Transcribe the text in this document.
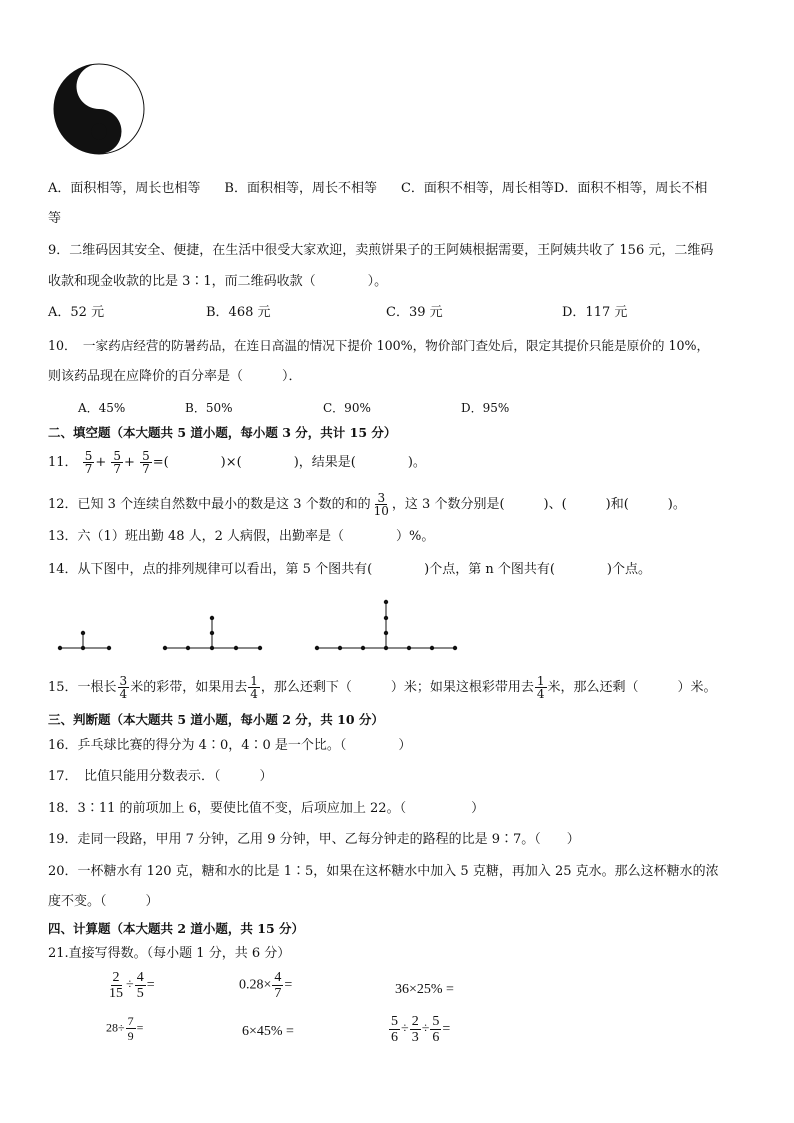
A．面积相等，周长也相等 B．面积相等，周长不相等 C．面积不相等，周长相等D．面积不相等，周长不相
等
9．二维码因其安全、便捷，在生活中很受大家欢迎，卖煎饼果子的王阿姨根据需要，王阿姨共收了 156 元，二维码
收款和现金收款的比是 3∶1，而二维码收款（　　　　）。
A．52 元	B．468 元	C．39 元	D．117 元
10．　一家药店经营的防暑药品，在连日高温的情况下提价 100%，物价部门查处后，限定其提价只能是原价的 10%，
则该药品现在应降价的百分率是（　　　）．
A．45%	B．50%	C．90%	D．95%
二、填空题（本大题共 5 道小题，每小题 3 分，共计 15 分）
11． $\frac{5}{7} + \frac{5}{7} + \frac{5}{7}$ =(　　　　)×(　　　　)，结果是(　　　　)。
12．已知 3 个连续自然数中最小的数是这 3 个数的和的 $\frac{3}{10}$ ，这 3 个数分别是(　　　)、(　　　)和(　　　)。
13．六（1）班出勤 48 人，2 人病假，出勤率是（　　　　）%。
14．从下图中，点的排列规律可以看出，第 5 个图共有(　　　　)个点，第 n 个图共有(　　　　)个点。
15．一根长 $\frac{3}{4}$ 米的彩带，如果用去 $\frac{1}{4}$ ，那么还剩下（　　　）米；如果这根彩带用去 $\frac{1}{4}$ 米，那么还剩（　　　）米。
三、判断题（本大题共 5 道小题，每小题 2 分，共 10 分）
16．乒乓球比赛的得分为 4∶0，4∶0 是一个比。（　　　　）
17．　比值只能用分数表示．（　　　）
18．3∶11 的前项加上 6，要使比值不变，后项应加上 22。（　　　　　）
19．走同一段路，甲用 7 分钟，乙用 9 分钟，甲、乙每分钟走的路程的比是 9∶7。（　　）
20．一杯糖水有 120 克，糖和水的比是 1∶5，如果在这杯糖水中加入 5 克糖，再加入 25 克水。那么这杯糖水的浓
度不变。（　　　）
四、计算题（本大题共 2 道小题，共 15 分）
21.直接写得数。（每小题 1 分，共 6 分）
$\frac{2}{15} \div \frac{4}{5}$ =	$0.28\times \frac{4}{7}$ =	36×25% =
$28\div \frac{7}{9}$ =	6×45% =	$\frac{5}{6} \div \frac{2}{3} \div \frac{5}{6}$ =
